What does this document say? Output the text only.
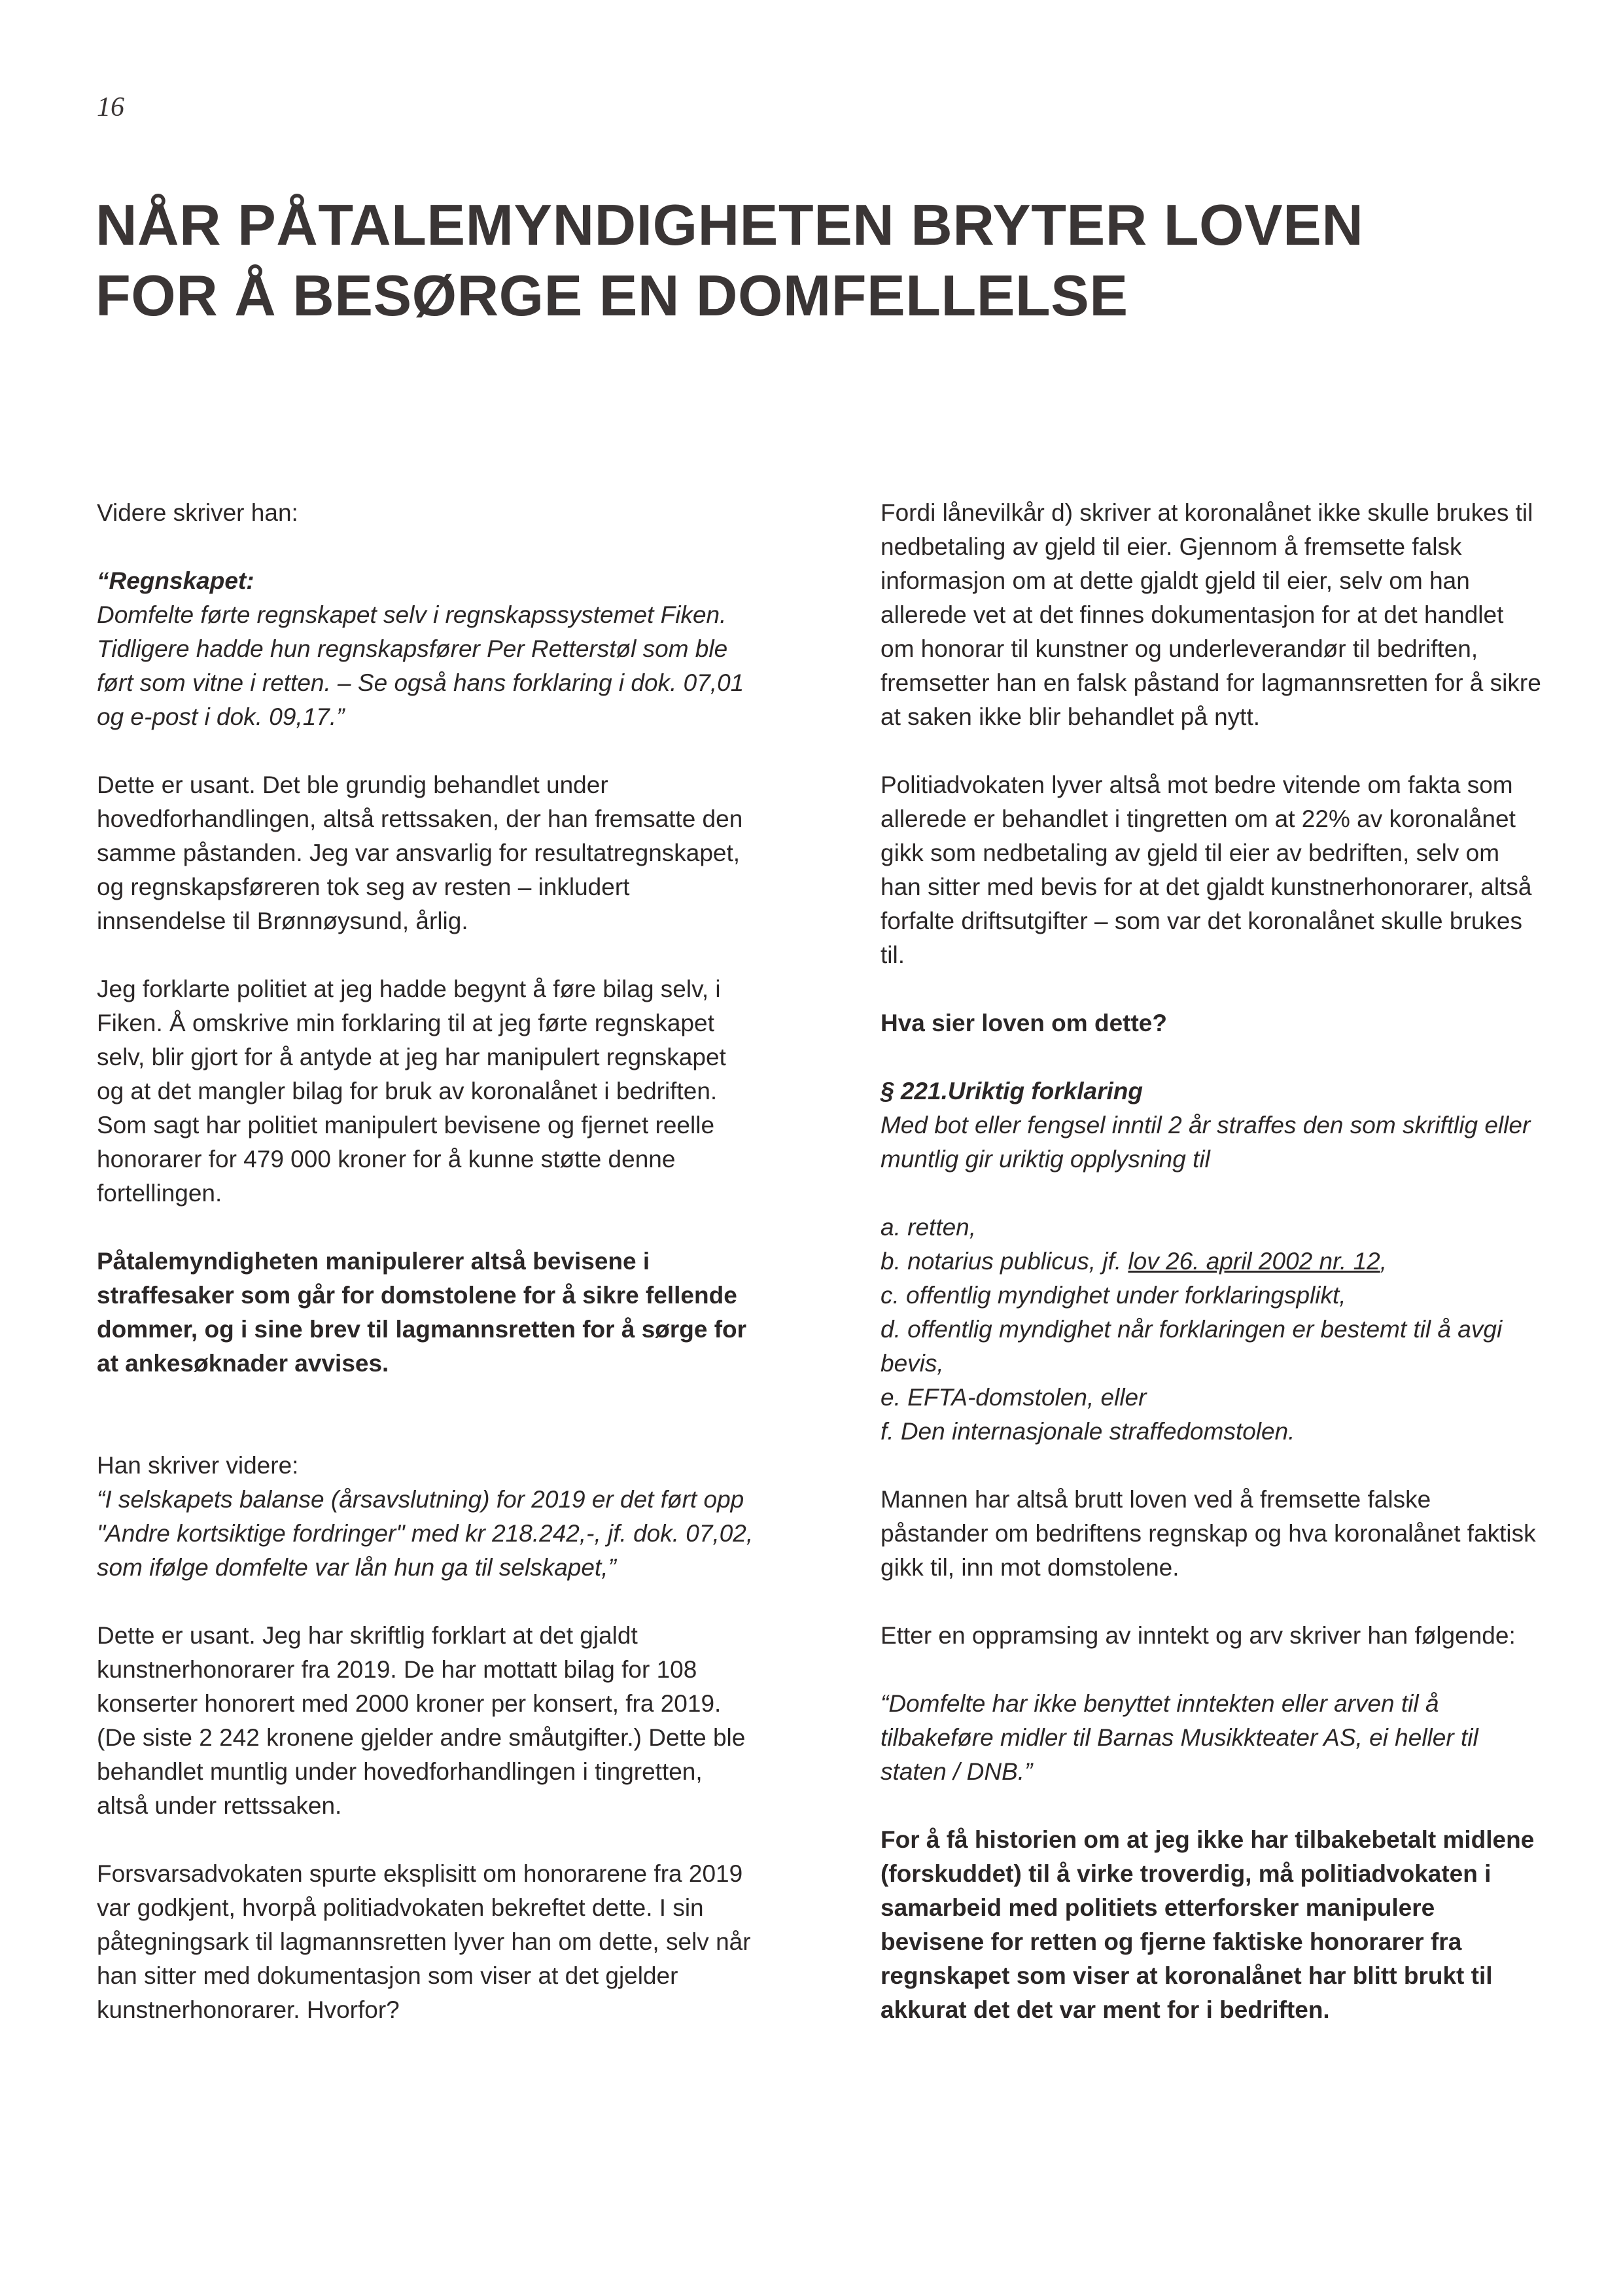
16
NÅR PÅTALEMYNDIGHETEN BRYTER LOVEN
FOR Å BESØRGE EN DOMFELLELSE

Videre skriver han:

“Regnskapet:

Domfelte førte regnskapet selv i regnskapssystemet Fiken. Tidligere hadde hun regnskapsfører Per Retterstøl som ble ført som vitne i retten. – Se også hans forklaring i dok. 07,01 og e-post i dok. 09,17.”

Dette er usant. Det ble grundig behandlet under hovedforhandlingen, altså rettssaken, der han fremsatte den samme påstanden. Jeg var ansvarlig for resultatregnskapet, og regnskapsføreren tok seg av resten – inkludert innsendelse til Brønnøysund, årlig.

Jeg forklarte politiet at jeg hadde begynt å føre bilag selv, i Fiken. Å omskrive min forklaring til at jeg førte regnskapet selv, blir gjort for å antyde at jeg har manipulert regnskapet og at det mangler bilag for bruk av koronalånet i bedriften. Som sagt har politiet manipulert bevisene og fjernet reelle honorarer for 479 000 kroner for å kunne støtte denne fortellingen.

Påtalemyndigheten manipulerer altså bevisene i straffesaker som går for domstolene for å sikre fellende dommer, og i sine brev til lagmannsretten for å sørge for at ankesøknader avvises.

Han skriver videre:

“I selskapets balanse (årsavslutning) for 2019 er det ført opp "Andre kortsiktige fordringer" med kr 218.242,-, jf. dok. 07,02, som ifølge domfelte var lån hun ga til selskapet,”

Dette er usant. Jeg har skriftlig forklart at det gjaldt kunstnerhonorarer fra 2019. De har mottatt bilag for 108 konserter honorert med 2000 kroner per konsert, fra 2019. (De siste 2 242 kronene gjelder andre småutgifter.) Dette ble behandlet muntlig under hovedforhandlingen i tingretten, altså under rettssaken.

Forsvarsadvokaten spurte eksplisitt om honorarene fra 2019 var godkjent, hvorpå politiadvokaten bekreftet dette. I sin påtegningsark til lagmannsretten lyver han om dette, selv når han sitter med dokumentasjon som viser at det gjelder kunstnerhonorarer. Hvorfor?

Fordi lånevilkår d) skriver at koronalånet ikke skulle brukes til nedbetaling av gjeld til eier. Gjennom å fremsette falsk informasjon om at dette gjaldt gjeld til eier, selv om han allerede vet at det finnes dokumentasjon for at det handlet om honorar til kunstner og underleverandør til bedriften, fremsetter han en falsk påstand for lagmannsretten for å sikre at saken ikke blir behandlet på nytt.

Politiadvokaten lyver altså mot bedre vitende om fakta som allerede er behandlet i tingretten om at 22% av koronalånet gikk som nedbetaling av gjeld til eier av bedriften, selv om han sitter med bevis for at det gjaldt kunstnerhonorarer, altså forfalte driftsutgifter – som var det koronalånet skulle brukes til.

Hva sier loven om dette?

§ 221.Uriktig forklaring

Med bot eller fengsel inntil 2 år straffes den som skriftlig eller muntlig gir uriktig opplysning til

a. retten,
b. notarius publicus, jf. lov 26. april 2002 nr. 12,
c. offentlig myndighet under forklaringsplikt,
d. offentlig myndighet når forklaringen er bestemt til å avgi bevis,
e. EFTA-domstolen, eller
f. Den internasjonale straffedomstolen.

Mannen har altså brutt loven ved å fremsette falske påstander om bedriftens regnskap og hva koronalånet faktisk gikk til, inn mot domstolene.

Etter en oppramsing av inntekt og arv skriver han følgende:

“Domfelte har ikke benyttet inntekten eller arven til å tilbakeføre midler til Barnas Musikkteater AS, ei heller til staten / DNB.”

For å få historien om at jeg ikke har tilbakebetalt midlene (forskuddet) til å virke troverdig, må politiadvokaten i samarbeid med politiets etterforsker manipulere bevisene for retten og fjerne faktiske honorarer fra regnskapet som viser at koronalånet har blitt brukt til akkurat det det var ment for i bedriften.
